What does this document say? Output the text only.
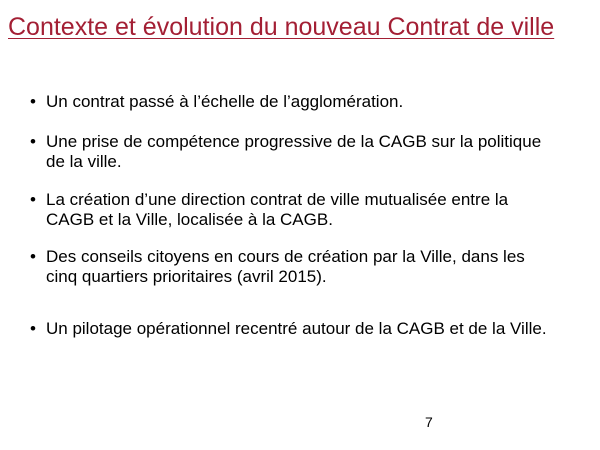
Contexte et évolution du nouveau Contrat de ville
• Un contrat passé à l’échelle de l’agglomération.
• Une prise de compétence progressive de la CAGB sur la politique de la ville.
• La création d’une direction contrat de ville mutualisée entre la CAGB et la Ville, localisée à la CAGB.
• Des conseils citoyens en cours de création par la Ville, dans les cinq quartiers prioritaires (avril 2015).
• Un pilotage opérationnel recentré autour de la CAGB et de la Ville.
7
